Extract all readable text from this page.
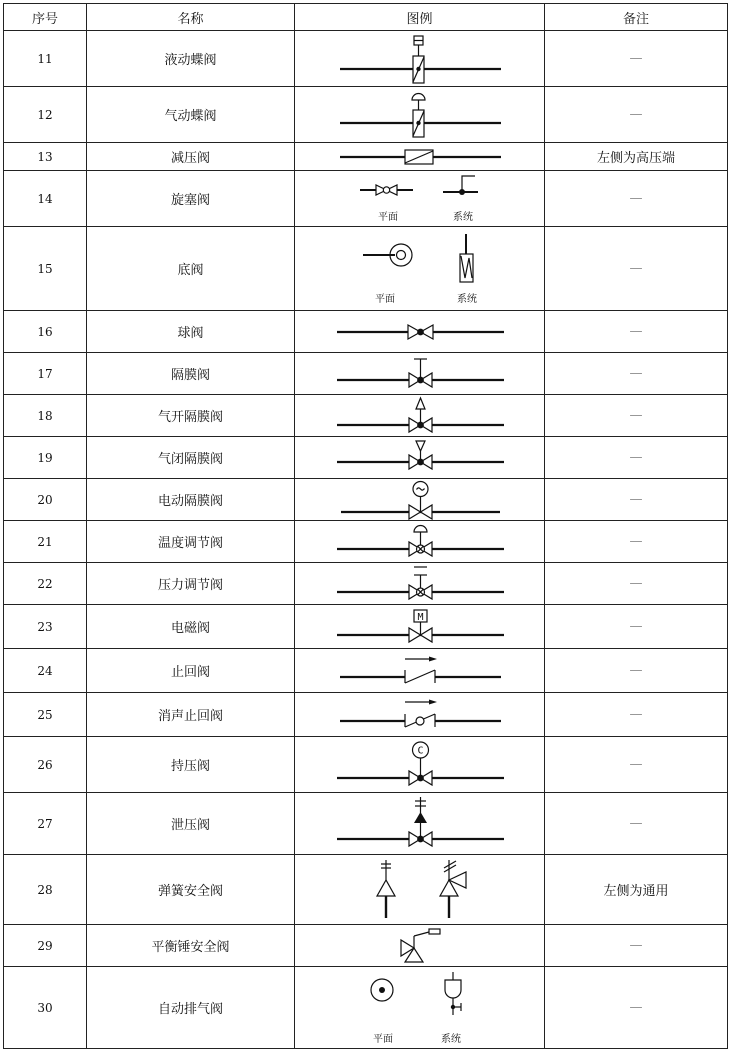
序号	名称	图例	备注
11	液动蝶阀		—
12	气动蝶阀		—
13	减压阀		左侧为高压端
14	旋塞阀	平面 系统	—
15	底阀	平面 系统	—
16	球阀		—
17	隔膜阀		—
18	气开隔膜阀		—
19	气闭隔膜阀		—
20	电动隔膜阀		—
21	温度调节阀		—
22	压力调节阀		—
23	电磁阀	M	—
24	止回阀		—
25	消声止回阀		—
26	持压阀	C	—
27	泄压阀		—
28	弹簧安全阀		左侧为通用
29	平衡锤安全阀		—
30	自动排气阀	平面 系统	—
